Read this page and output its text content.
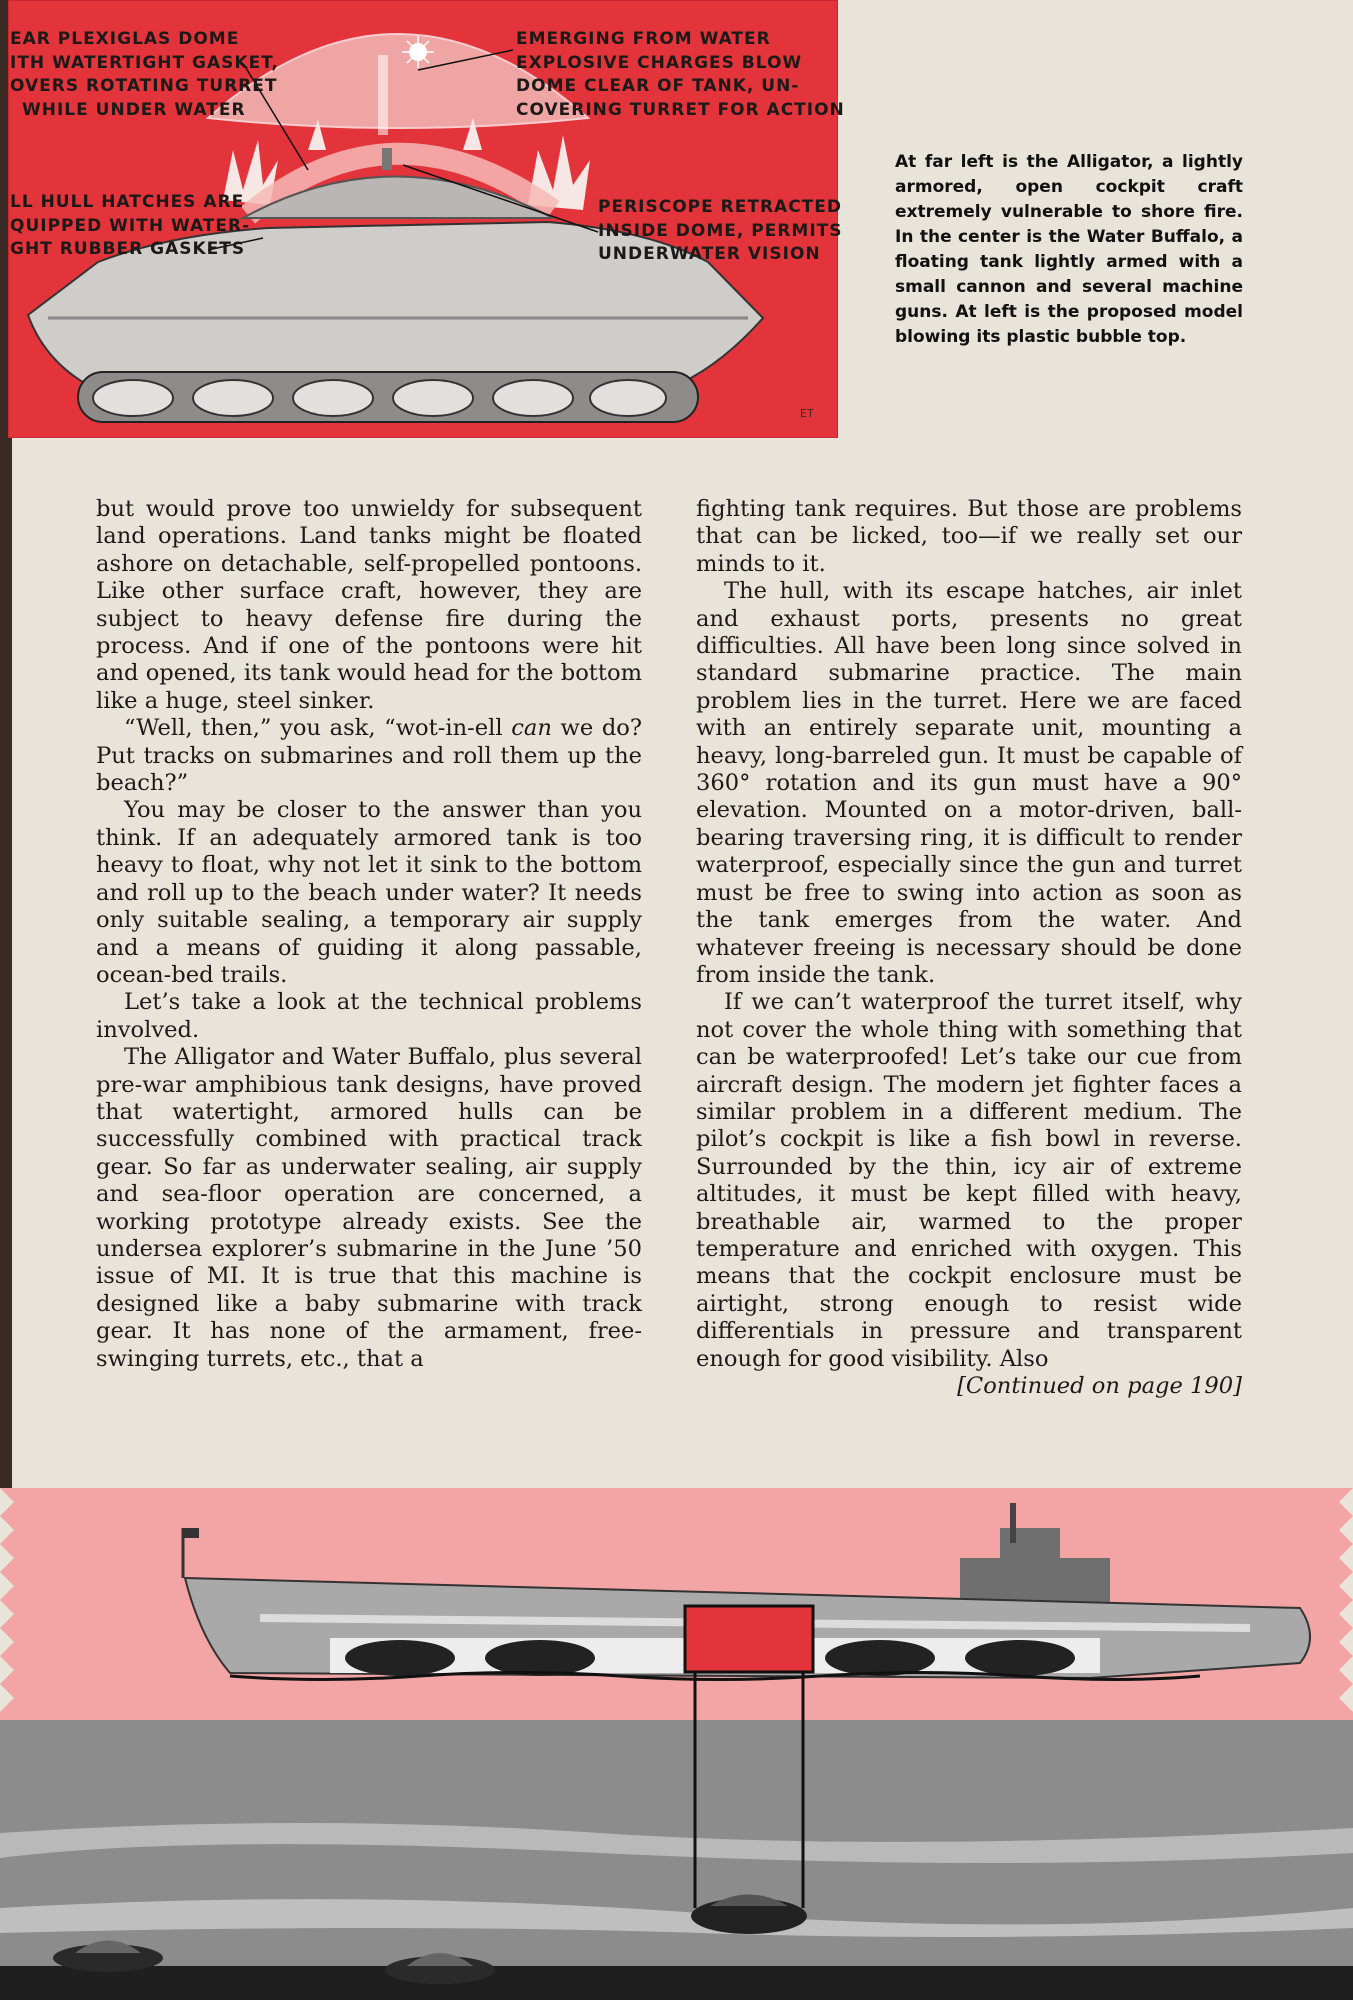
EAR PLEXIGLAS DOME
ITH WATERTIGHT GASKET,
OVERS ROTATING TURRET
WHILE UNDER WATER
EMERGING FROM WATER
EXPLOSIVE CHARGES BLOW
DOME CLEAR OF TANK, UN-
COVERING TURRET FOR ACTION
LL HULL HATCHES ARE
QUIPPED WITH WATER-
GHT RUBBER GASKETS
PERISCOPE RETRACTED
INSIDE DOME, PERMITS
UNDERWATER VISION
ET
At far left is the Alligator, a lightly armored, open cockpit craft extremely vulnerable to shore fire. In the center is the Water Buffalo, a floating tank lightly armed with a small cannon and several machine guns. At left is the proposed model blowing its plastic bubble top.

but would prove too unwieldy for subsequent land operations. Land tanks might be floated ashore on detachable, self-propelled pontoons. Like other surface craft, however, they are subject to heavy defense fire during the process. And if one of the pontoons were hit and opened, its tank would head for the bottom like a huge, steel sinker.

“Well, then,” you ask, “wot-in-ell can we do? Put tracks on submarines and roll them up the beach?”

You may be closer to the answer than you think. If an adequately armored tank is too heavy to float, why not let it sink to the bottom and roll up to the beach under water? It needs only suitable sealing, a temporary air supply and a means of guiding it along passable, ocean-bed trails.

Let’s take a look at the technical problems involved.

The Alligator and Water Buffalo, plus several pre-war amphibious tank designs, have proved that watertight, armored hulls can be successfully combined with practical track gear. So far as underwater sealing, air supply and sea-floor operation are concerned, a working prototype already exists. See the undersea explorer’s submarine in the June ’50 issue of MI. It is true that this machine is designed like a baby submarine with track gear. It has none of the armament, free-swinging turrets, etc., that a

fighting tank requires. But those are problems that can be licked, too—if we really set our minds to it.

The hull, with its escape hatches, air inlet and exhaust ports, presents no great difficulties. All have been long since solved in standard submarine practice. The main problem lies in the turret. Here we are faced with an entirely separate unit, mounting a heavy, long-barreled gun. It must be capable of 360° rotation and its gun must have a 90° elevation. Mounted on a motor-driven, ball-bearing traversing ring, it is difficult to render waterproof, especially since the gun and turret must be free to swing into action as soon as the tank emerges from the water. And whatever freeing is necessary should be done from inside the tank.

If we can’t waterproof the turret itself, why not cover the whole thing with something that can be waterproofed! Let’s take our cue from aircraft design. The modern jet fighter faces a similar problem in a different medium. The pilot’s cockpit is like a fish bowl in reverse. Surrounded by the thin, icy air of extreme altitudes, it must be kept filled with heavy, breathable air, warmed to the proper temperature and enriched with oxygen. This means that the cockpit enclosure must be airtight, strong enough to resist wide differentials in pressure and transparent enough for good visibility. Also
[Continued on page 190]
